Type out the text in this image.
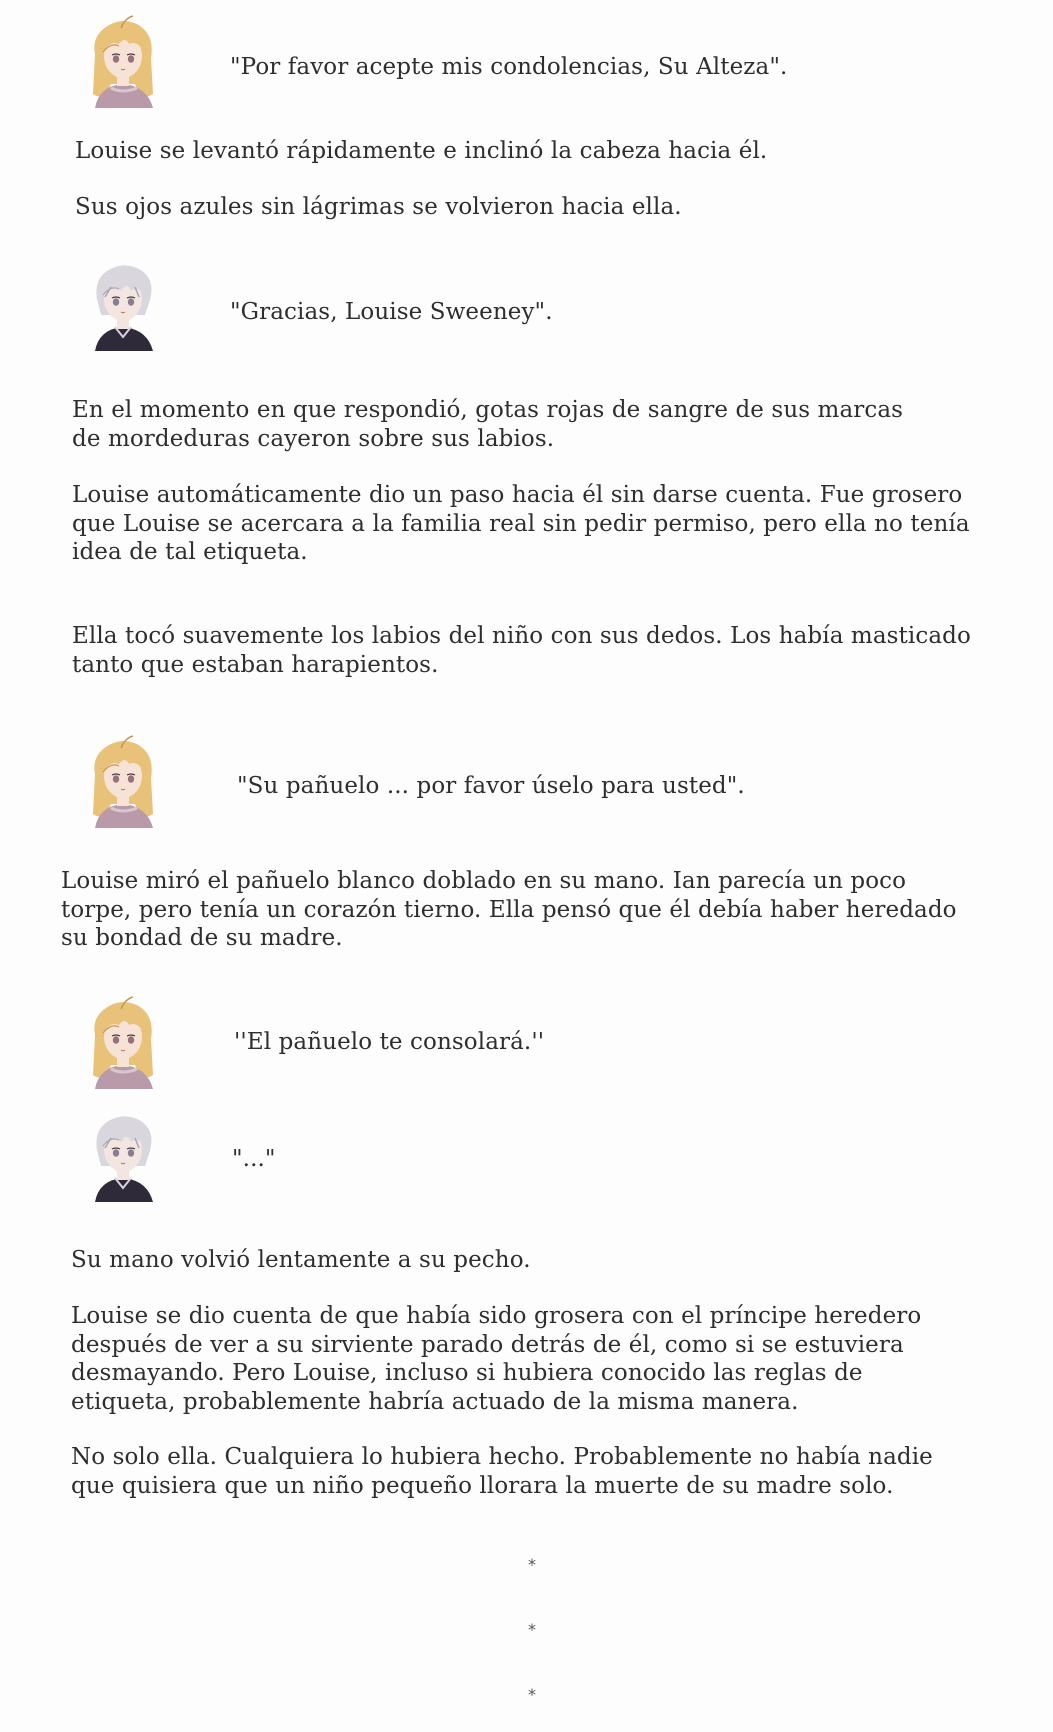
"Por favor acepte mis condolencias, Su Alteza".
Louise se levantó rápidamente e inclinó la cabeza hacia él.
Sus ojos azules sin lágrimas se volvieron hacia ella.
"Gracias, Louise Sweeney".
En el momento en que respondió, gotas rojas de sangre de sus marcas
de mordeduras cayeron sobre sus labios.
Louise automáticamente dio un paso hacia él sin darse cuenta. Fue grosero
que Louise se acercara a la familia real sin pedir permiso, pero ella no tenía
idea de tal etiqueta.
Ella tocó suavemente los labios del niño con sus dedos. Los había masticado
tanto que estaban harapientos.
"Su pañuelo ... por favor úselo para usted".
Louise miró el pañuelo blanco doblado en su mano. Ian parecía un poco
torpe, pero tenía un corazón tierno. Ella pensó que él debía haber heredado
su bondad de su madre.
''El pañuelo te consolará.''
"..."
Su mano volvió lentamente a su pecho.
Louise se dio cuenta de que había sido grosera con el príncipe heredero
después de ver a su sirviente parado detrás de él, como si se estuviera
desmayando. Pero Louise, incluso si hubiera conocido las reglas de
etiqueta, probablemente habría actuado de la misma manera.
No solo ella. Cualquiera lo hubiera hecho. Probablemente no había nadie
que quisiera que un niño pequeño llorara la muerte de su madre solo.
*
*
*
